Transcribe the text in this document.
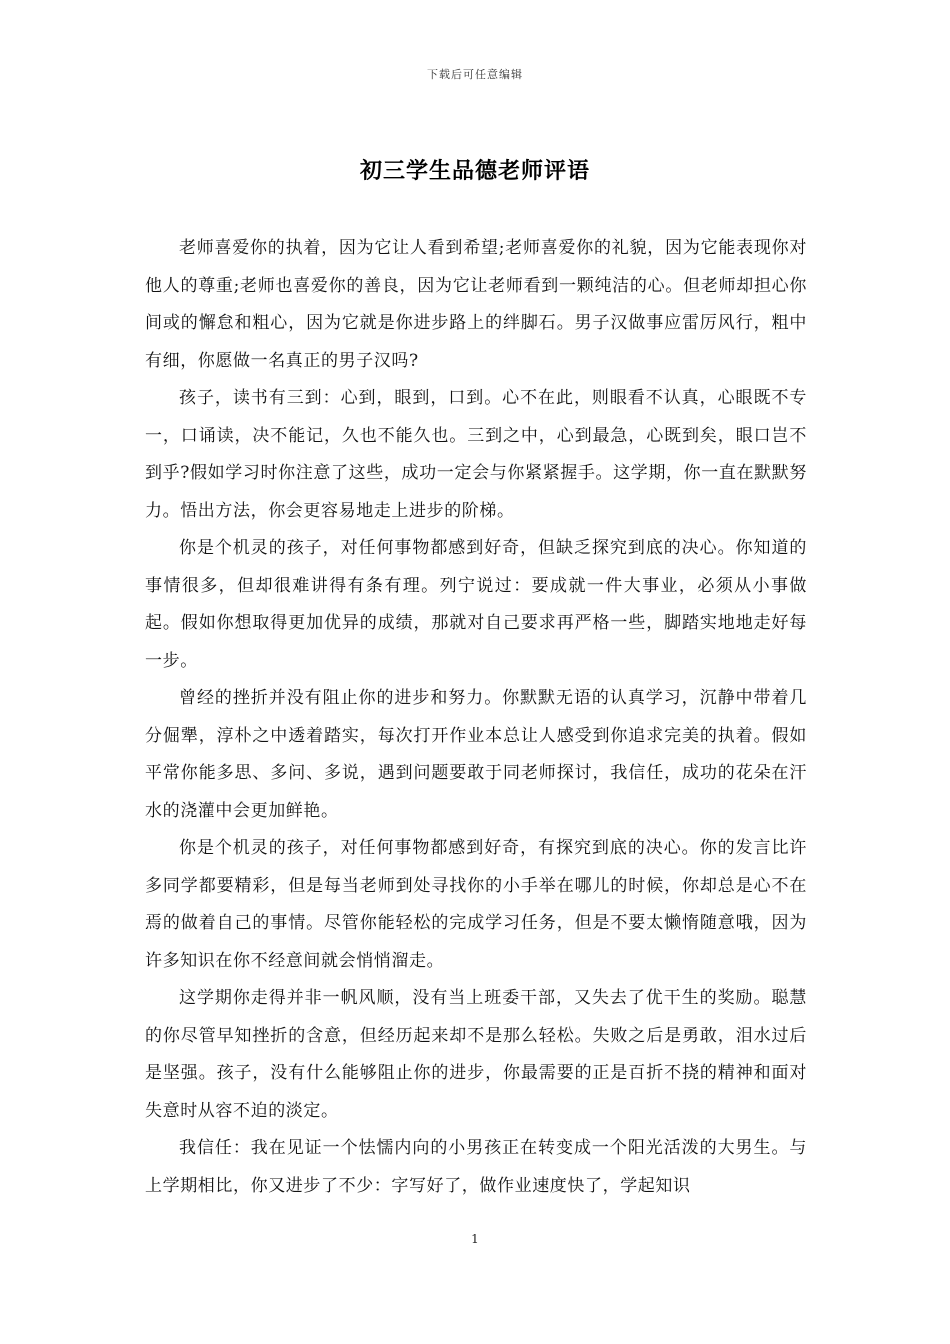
下载后可任意编辑
初三学生品德老师评语

老师喜爱你的执着，因为它让人看到希望;老师喜爱你的礼貌，因为它能表现你对他人的尊重;老师也喜爱你的善良，因为它让老师看到一颗纯洁的心。但老师却担心你间或的懈怠和粗心，因为它就是你进步路上的绊脚石。男子汉做事应雷厉风行，粗中有细，你愿做一名真正的男子汉吗?

孩子，读书有三到：心到，眼到，口到。心不在此，则眼看不认真，心眼既不专一，口诵读，决不能记，久也不能久也。三到之中，心到最急，心既到矣，眼口岂不到乎?假如学习时你注意了这些，成功一定会与你紧紧握手。这学期，你一直在默默努力。悟出方法，你会更容易地走上进步的阶梯。

你是个机灵的孩子，对任何事物都感到好奇，但缺乏探究到底的决心。你知道的事情很多，但却很难讲得有条有理。列宁说过：要成就一件大事业，必须从小事做起。假如你想取得更加优异的成绩，那就对自己要求再严格一些，脚踏实地地走好每一步。

曾经的挫折并没有阻止你的进步和努力。你默默无语的认真学习，沉静中带着几分倔犟，淳朴之中透着踏实，每次打开作业本总让人感受到你追求完美的执着。假如平常你能多思、多问、多说，遇到问题要敢于同老师探讨，我信任，成功的花朵在汗水的浇灌中会更加鲜艳。

你是个机灵的孩子，对任何事物都感到好奇，有探究到底的决心。你的发言比许多同学都要精彩，但是每当老师到处寻找你的小手举在哪儿的时候，你却总是心不在焉的做着自己的事情。尽管你能轻松的完成学习任务，但是不要太懒惰随意哦，因为许多知识在你不经意间就会悄悄溜走。

这学期你走得并非一帆风顺，没有当上班委干部，又失去了优干生的奖励。聪慧的你尽管早知挫折的含意，但经历起来却不是那么轻松。失败之后是勇敢，泪水过后是坚强。孩子，没有什么能够阻止你的进步，你最需要的正是百折不挠的精神和面对失意时从容不迫的淡定。

我信任：我在见证一个怯懦内向的小男孩正在转变成一个阳光活泼的大男生。与上学期相比，你又进步了不少：字写好了，做作业速度快了，学起知识

1
